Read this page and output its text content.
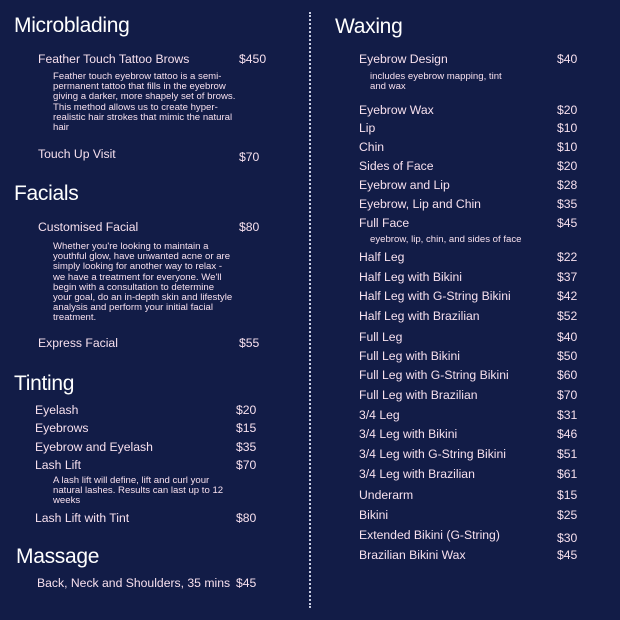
Microblading
Feather Touch Tattoo Brows	$450
Feather touch eyebrow tattoo is a semi-permanent tattoo that fills in the eyebrow giving a darker, more shapely set of brows. This method allows us to create hyper-realistic hair strokes that mimic the natural hair
Touch Up Visit	$70
Facials
Customised Facial	$80
Whether you're looking to maintain a youthful glow, have unwanted acne or are simply looking for another way to relax - we have a treatment for everyone. We'll begin with a consultation to determine your goal, do an in-depth skin and lifestyle analysis and perform your initial facial treatment.
Express Facial	$55
Tinting
Eyelash	$20
Eyebrows	$15
Eyebrow and Eyelash	$35
Lash Lift	$70
A lash lift will define, lift and curl your natural lashes. Results can last up to 12 weeks
Lash Lift with Tint	$80
Massage
Back, Neck and Shoulders, 35 mins $45
Waxing
Eyebrow Design	$40
includes eyebrow mapping, tint and wax
Eyebrow Wax	$20
Lip	$10
Chin	$10
Sides of Face	$20
Eyebrow and Lip	$28
Eyebrow, Lip and Chin	$35
Full Face	$45
Half Leg	$22
Half Leg with Bikini	$37
Half Leg with G-String Bikini	$42
Half Leg with Brazilian	$52
Full Leg	$40
Full Leg with Bikini	$50
Full Leg with G-String Bikini	$60
Full Leg with Brazilian	$70
3/4 Leg	$31
3/4 Leg with Bikini	$46
3/4 Leg with G-String Bikini	$51
3/4 Leg with Brazilian	$61
Underarm	$15
Bikini	$25
Extended Bikini (G-String)	$30
Brazilian Bikini Wax	$45
eyebrow, lip, chin, and sides of face
